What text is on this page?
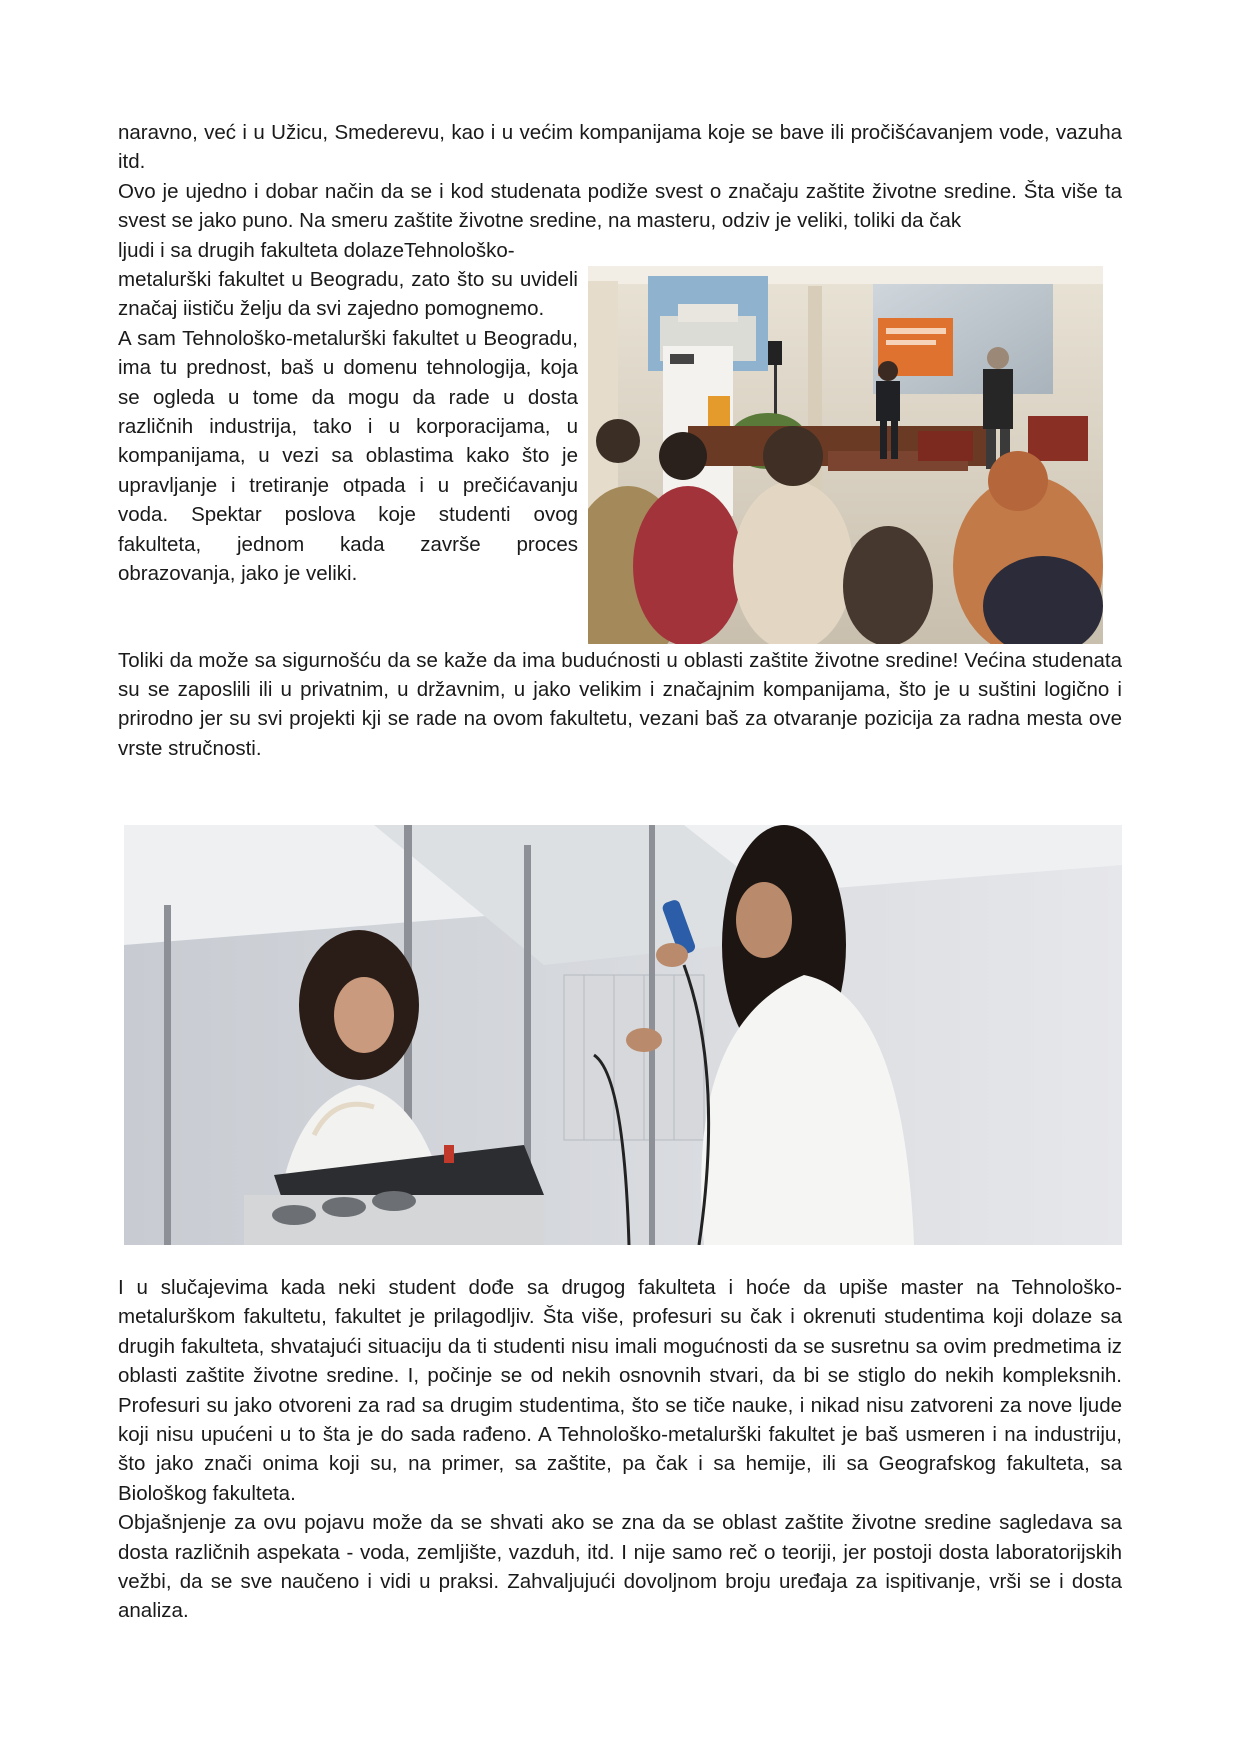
naravno, već i u Užicu, Smederevu, kao i u većim kompanijama koje se bave ili pročišćavanjem vode, vazuha itd.

Ovo je ujedno i dobar način da se i kod studenata podiže svest o značaju zaštite životne sredine. Šta više ta svest se jako puno. Na smeru zaštite životne sredine, na masteru, odziv je veliki, toliki da čak

ljudi i sa drugih fakulteta dolazeTehnološko-

metalurški fakultet u Beogradu, zato što su uvideli značaj iističu želju da svi zajedno pomognemo.

A sam Tehnološko-metalurški fakultet u Beogradu, ima tu prednost, baš u domenu tehnologija, koja se ogleda u tome da mogu da rade u dosta različnih industrija, tako i u korporacijama, u kompanijama, u vezi sa oblastima kako što je upravljanje i tretiranje otpada i u prečićavanju voda. Spektar poslova koje studenti ovog fakulteta, jednom kada završe proces obrazovanja, jako je veliki.

Toliki da može sa sigurnošću da se kaže da ima budućnosti u oblasti zaštite životne sredine! Većina studenata su se zaposlili ili u privatnim, u državnim, u jako velikim i značajnim kompanijama, što je u suštini logično i prirodno jer su svi projekti kji se rade na ovom fakultetu, vezani baš za otvaranje pozicija za radna mesta ove vrste stručnosti.

I u slučajevima kada neki student dođe sa drugog fakulteta i hoće da upiše master na Tehnološko-metalurškom fakultetu, fakultet je prilagodljiv. Šta više, profesuri su čak i okrenuti studentima koji dolaze sa drugih fakulteta, shvatajući situaciju da ti studenti nisu imali mogućnosti da se susretnu sa ovim predmetima iz oblasti zaštite životne sredine. I, počinje se od nekih osnovnih stvari, da bi se stiglo do nekih kompleksnih. Profesuri su jako otvoreni za rad sa drugim studentima, što se tiče nauke, i nikad nisu zatvoreni za nove ljude koji nisu upućeni u to šta je do sada rađeno. A Tehnološko-metalurški fakultet je baš usmeren i na industriju, što jako znači onima koji su, na primer, sa zaštite, pa čak i sa hemije, ili sa Geografskog fakulteta, sa Biološkog fakulteta.

Objašnjenje za ovu pojavu može da se shvati ako se zna da se oblast zaštite životne sredine sagledava sa dosta različnih aspekata - voda, zemljište, vazduh, itd. I nije samo reč o teoriji, jer postoji dosta laboratorijskih vežbi, da se sve naučeno i vidi u praksi. Zahvaljujući dovoljnom broju uređaja za ispitivanje, vrši se i dosta analiza.
